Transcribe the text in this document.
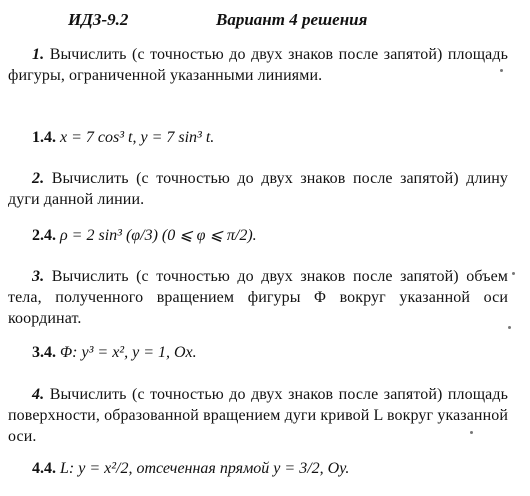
ИДЗ-9.2	Вариант 4 решения
1. Вычислить (с точностью до двух знаков после запятой) площадь фигуры, ограниченной указанными линиями.
1.4. x = 7 cos³ t, y = 7 sin³ t.
2. Вычислить (с точностью до двух знаков после запятой) длину дуги данной линии.
2.4. ρ = 2 sin³ (φ/3) (0 ⩽ φ ⩽ π/2).
3. Вычислить (с точностью до двух знаков после запятой) объем тела, полученного вращением фигуры Φ вокруг указанной оси координат.
3.4. Φ: y³ = x², y = 1, Ox.
4. Вычислить (с точностью до двух знаков после запятой) площадь поверхности, образованной вращением дуги кривой L вокруг указанной оси.
4.4. L: y = x²/2, отсеченная прямой y = 3/2, Oy.
